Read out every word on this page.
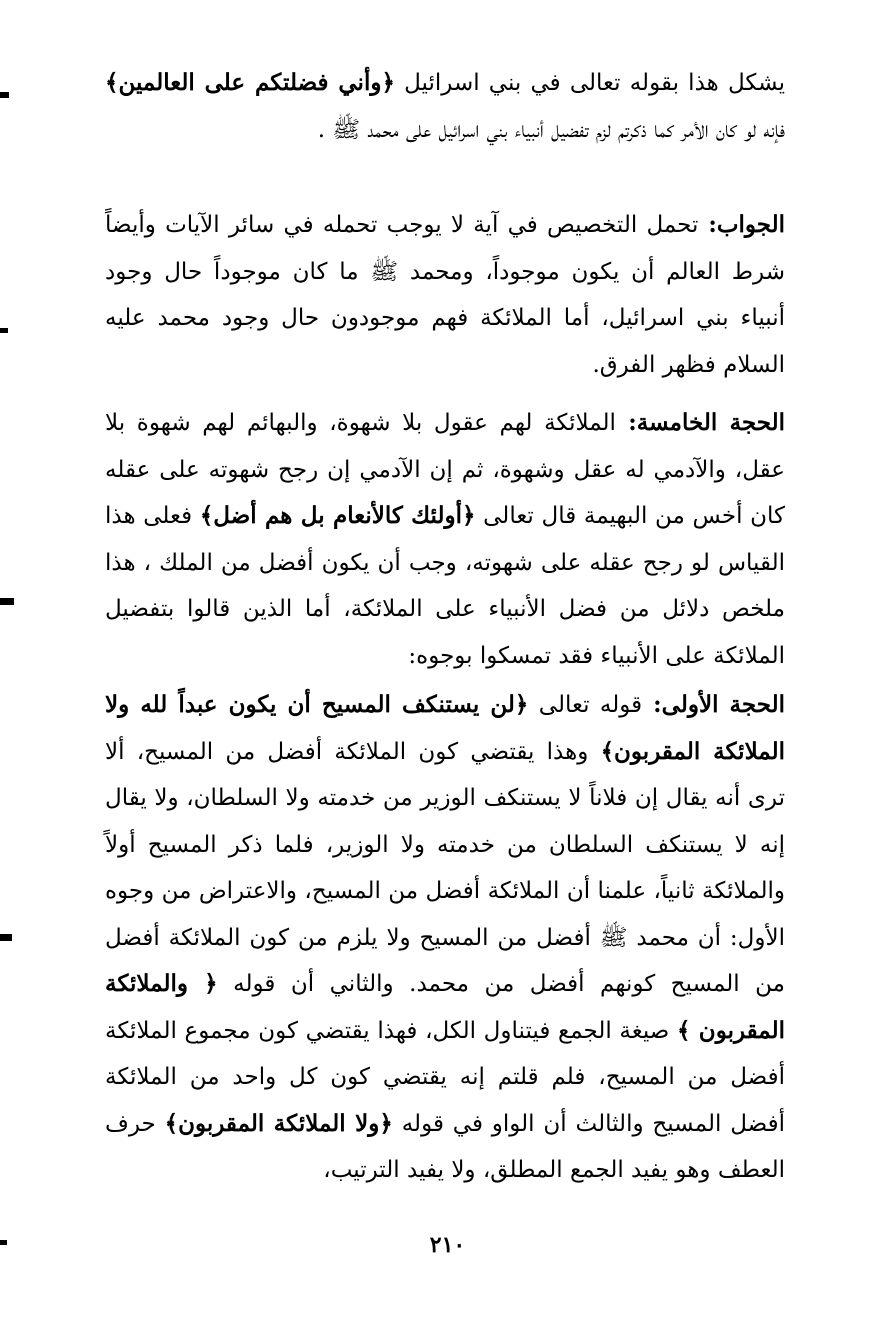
يشكل هذا بقوله تعالى في بني اسرائيل ﴿وأني فضلتكم على العالمين﴾ فإنه لو كان الأمر كما ذكرتم لزم تفضيل أنبياء بني اسرائيل على محمد ﷺ .

الجواب: تحمل التخصيص في آية لا يوجب تحمله في سائر الآيات وأيضاً شرط العالم أن يكون موجوداً، ومحمد ﷺ ما كان موجوداً حال وجود أنبياء بني اسرائيل، أما الملائكة فهم موجودون حال وجود محمد عليه السلام فظهر الفرق.

الحجة الخامسة: الملائكة لهم عقول بلا شهوة، والبهائم لهم شهوة بلا عقل، والآدمي له عقل وشهوة، ثم إن الآدمي إن رجح شهوته على عقله كان أخس من البهيمة قال تعالى ﴿أولئك كالأنعام بل هم أضل﴾ فعلى هذا القياس لو رجح عقله على شهوته، وجب أن يكون أفضل من الملك ، هذا ملخص دلائل من فضل الأنبياء على الملائكة، أما الذين قالوا بتفضيل الملائكة على الأنبياء فقد تمسكوا بوجوه:

الحجة الأولى: قوله تعالى ﴿لن يستنكف المسيح أن يكون عبداً لله ولا الملائكة المقربون﴾ وهذا يقتضي كون الملائكة أفضل من المسيح، ألا ترى أنه يقال إن فلاناً لا يستنكف الوزير من خدمته ولا السلطان، ولا يقال إنه لا يستنكف السلطان من خدمته ولا الوزير، فلما ذكر المسيح أولاً والملائكة ثانياً، علمنا أن الملائكة أفضل من المسيح، والاعتراض من وجوه الأول: أن محمد ﷺ أفضل من المسيح ولا يلزم من كون الملائكة أفضل من المسيح كونهم أفضل من محمد. والثاني أن قوله ﴿ والملائكة المقربون ﴾ صيغة الجمع فيتناول الكل، فهذا يقتضي كون مجموع الملائكة أفضل من المسيح، فلم قلتم إنه يقتضي كون كل واحد من الملائكة أفضل المسيح والثالث أن الواو في قوله ﴿ولا الملائكة المقربون﴾ حرف العطف وهو يفيد الجمع المطلق، ولا يفيد الترتيب،

٢١٠
